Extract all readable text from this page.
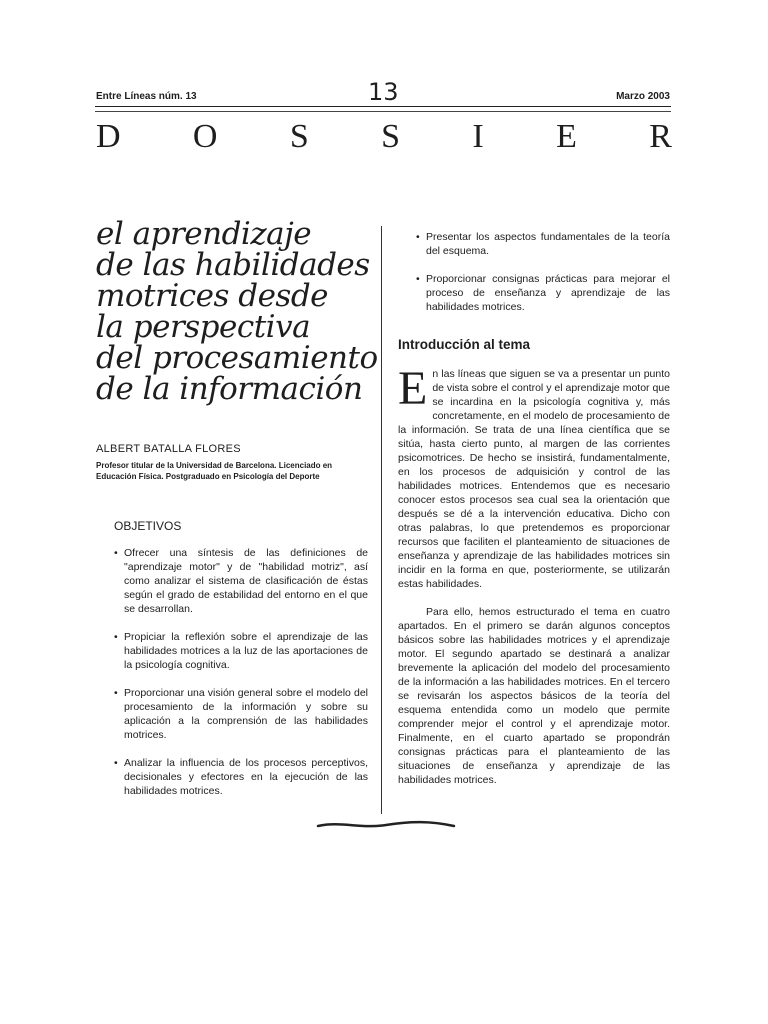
Entre Líneas núm. 13	13	Marzo 2003
D O S S I E R
el aprendizaje
de las habilidades
motrices desde
la perspectiva
del procesamiento
de la información
ALBERT BATALLA FLORES
Profesor titular de la Universidad de Barcelona. Licenciado en Educación Física. Postgraduado en Psicología del Deporte
OBJETIVOS
• Ofrecer una síntesis de las definiciones de "aprendizaje motor" y de "habilidad motriz", así como analizar el sistema de clasificación de éstas según el grado de estabilidad del entorno en el que se desarrollan.
• Propiciar la reflexión sobre el aprendizaje de las habilidades motrices a la luz de las aportaciones de la psicología cognitiva.
• Proporcionar una visión general sobre el modelo del procesamiento de la información y sobre su aplicación a la comprensión de las habilidades motrices.
• Analizar la influencia de los procesos perceptivos, decisionales y efectores en la ejecución de las habilidades motrices.
• Presentar los aspectos fundamentales de la teoría del esquema.
• Proporcionar consignas prácticas para mejorar el proceso de enseñanza y aprendizaje de las habilidades motrices.
Introducción al tema

En las líneas que siguen se va a presentar un punto de vista sobre el control y el aprendizaje motor que se incardina en la psicología cognitiva y, más concretamente, en el modelo de procesamiento de la información. Se trata de una línea científica que se sitúa, hasta cierto punto, al margen de las corrientes psicomotrices. De hecho se insistirá, fundamentalmente, en los procesos de adquisición y control de las habilidades motrices. Entendemos que es necesario conocer estos procesos sea cual sea la orientación que después se dé a la intervención educativa. Dicho con otras palabras, lo que pretendemos es proporcionar recursos que faciliten el planteamiento de situaciones de enseñanza y aprendizaje de las habilidades motrices sin incidir en la forma en que, posteriormente, se utilizarán estas habilidades.

Para ello, hemos estructurado el tema en cuatro apartados. En el primero se darán algunos conceptos básicos sobre las habilidades motrices y el aprendizaje motor. El segundo apartado se destinará a analizar brevemente la aplicación del modelo del procesamiento de la información a las habilidades motrices. En el tercero se revisarán los aspectos básicos de la teoría del esquema entendida como un modelo que permite comprender mejor el control y el aprendizaje motor. Finalmente, en el cuarto apartado se propondrán consignas prácticas para el planteamiento de las situaciones de enseñanza y aprendizaje de las habilidades motrices.
